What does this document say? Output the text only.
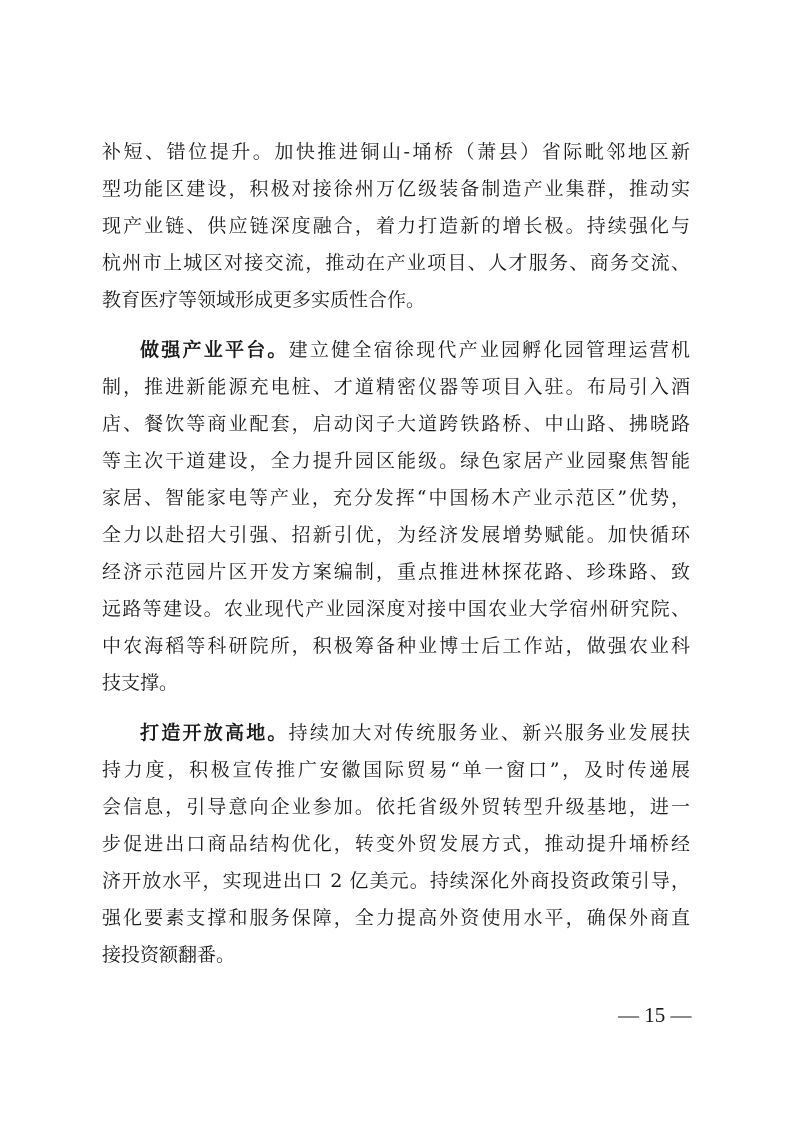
补短、错位提升。加快推进铜山-埇桥（萧县）省际毗邻地区新
型功能区建设，积极对接徐州万亿级装备制造产业集群，推动实
现产业链、供应链深度融合，着力打造新的增长极。持续强化与
杭州市上城区对接交流，推动在产业项目、人才服务、商务交流、
教育医疗等领域形成更多实质性合作。
做强产业平台。建立健全宿徐现代产业园孵化园管理运营机
制，推进新能源充电桩、才道精密仪器等项目入驻。布局引入酒
店、餐饮等商业配套，启动闵子大道跨铁路桥、中山路、拂晓路
等主次干道建设，全力提升园区能级。绿色家居产业园聚焦智能
家居、智能家电等产业，充分发挥“中国杨木产业示范区”优势，
全力以赴招大引强、招新引优，为经济发展增势赋能。加快循环
经济示范园片区开发方案编制，重点推进林探花路、珍珠路、致
远路等建设。农业现代产业园深度对接中国农业大学宿州研究院、
中农海稻等科研院所，积极筹备种业博士后工作站，做强农业科
技支撑。
打造开放高地。持续加大对传统服务业、新兴服务业发展扶
持力度，积极宣传推广安徽国际贸易“单一窗口”，及时传递展
会信息，引导意向企业参加。依托省级外贸转型升级基地，进一
步促进出口商品结构优化，转变外贸发展方式，推动提升埇桥经
济开放水平，实现进出口 2 亿美元。持续深化外商投资政策引导，
强化要素支撑和服务保障，全力提高外资使用水平，确保外商直
接投资额翻番。
— 15 —
